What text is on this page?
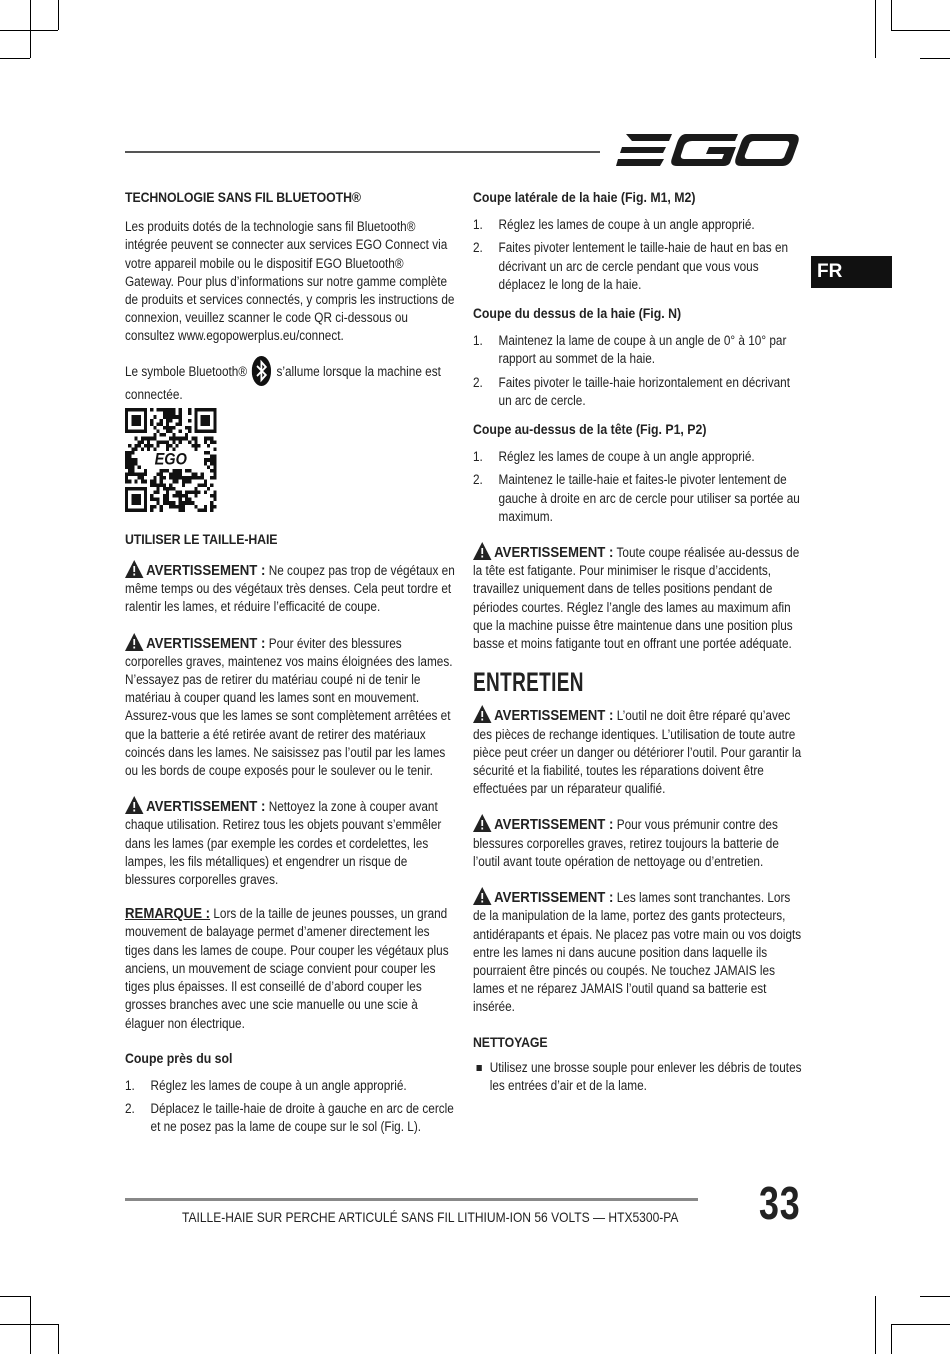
FR
TECHNOLOGIE SANS FIL BLUETOOTH®

Les produits dotés de la technologie sans fil Bluetooth® intégrée peuvent se connecter aux services EGO Connect via votre appareil mobile ou le dispositif EGO Bluetooth® Gateway. Pour plus d’informations sur notre gamme complète de produits et services connectés, y compris les instructions de connexion, veuillez scanner le code QR ci-dessous ou consultez www.egopowerplus.eu/connect.

Le symbole Bluetooth® s’allume lorsque la machine est connectée.

EGO
UTILISER LE TAILLE-HAIE

AVERTISSEMENT : Ne coupez pas trop de végétaux en même temps ou des végétaux très denses. Cela peut tordre et ralentir les lames, et réduire l’efficacité de coupe.

AVERTISSEMENT : Pour éviter des blessures corporelles graves, maintenez vos mains éloignées des lames. N’essayez pas de retirer du matériau coupé ni de tenir le matériau à couper quand les lames sont en mouvement. Assurez-vous que les lames se sont complètement arrêtées et que la batterie a été retirée avant de retirer des matériaux coincés dans les lames. Ne saisissez pas l’outil par les lames ou les bords de coupe exposés pour le soulever ou le tenir.

AVERTISSEMENT : Nettoyez la zone à couper avant chaque utilisation. Retirez tous les objets pouvant s’emmêler dans les lames (par exemple les cordes et cordelettes, les lampes, les fils métalliques) et engendrer un risque de blessures corporelles graves.

REMARQUE : Lors de la taille de jeunes pousses, un grand mouvement de balayage permet d’amener directement les tiges dans les lames de coupe. Pour couper les végétaux plus anciens, un mouvement de sciage convient pour couper les tiges plus épaisses. Il est conseillé de d’abord couper les grosses branches avec une scie manuelle ou une scie à élaguer non électrique.

Coupe près du sol
1. Réglez les lames de coupe à un angle approprié.
2. Déplacez le taille-haie de droite à gauche en arc de cercle et ne posez pas la lame de coupe sur le sol (Fig. L).
Coupe latérale de la haie (Fig. M1, M2)
1. Réglez les lames de coupe à un angle approprié.
2. Faites pivoter lentement le taille-haie de haut en bas en décrivant un arc de cercle pendant que vous vous déplacez le long de la haie.
Coupe du dessus de la haie (Fig. N)
1. Maintenez la lame de coupe à un angle de 0° à 10° par rapport au sommet de la haie.
2. Faites pivoter le taille-haie horizontalement en décrivant un arc de cercle.
Coupe au-dessus de la tête (Fig. P1, P2)
1. Réglez les lames de coupe à un angle approprié.
2. Maintenez le taille-haie et faites-le pivoter lentement de gauche à droite en arc de cercle pour utiliser sa portée au maximum.

AVERTISSEMENT : Toute coupe réalisée au-dessus de la tête est fatigante. Pour minimiser le risque d’accidents, travaillez uniquement dans de telles positions pendant de périodes courtes. Réglez l’angle des lames au maximum afin que la machine puisse être maintenue dans une position plus basse et moins fatigante tout en offrant une portée adéquate.

ENTRETIEN

AVERTISSEMENT : L’outil ne doit être réparé qu’avec des pièces de rechange identiques. L’utilisation de toute autre pièce peut créer un danger ou détériorer l’outil. Pour garantir la sécurité et la fiabilité, toutes les réparations doivent être effectuées par un réparateur qualifié.

AVERTISSEMENT : Pour vous prémunir contre des blessures corporelles graves, retirez toujours la batterie de l’outil avant toute opération de nettoyage ou d’entretien.

AVERTISSEMENT : Les lames sont tranchantes. Lors de la manipulation de la lame, portez des gants protecteurs, antidérapants et épais. Ne placez pas votre main ou vos doigts entre les lames ni dans aucune position dans laquelle ils pourraient être pincés ou coupés. Ne touchez JAMAIS les lames et ne réparez JAMAIS l’outil quand sa batterie est insérée.

NETTOYAGE
Utilisez une brosse souple pour enlever les débris de toutes les entrées d’air et de la lame.
TAILLE-HAIE SUR PERCHE ARTICULÉ SANS FIL LITHIUM-ION 56 VOLTS — HTX5300-PA 33
